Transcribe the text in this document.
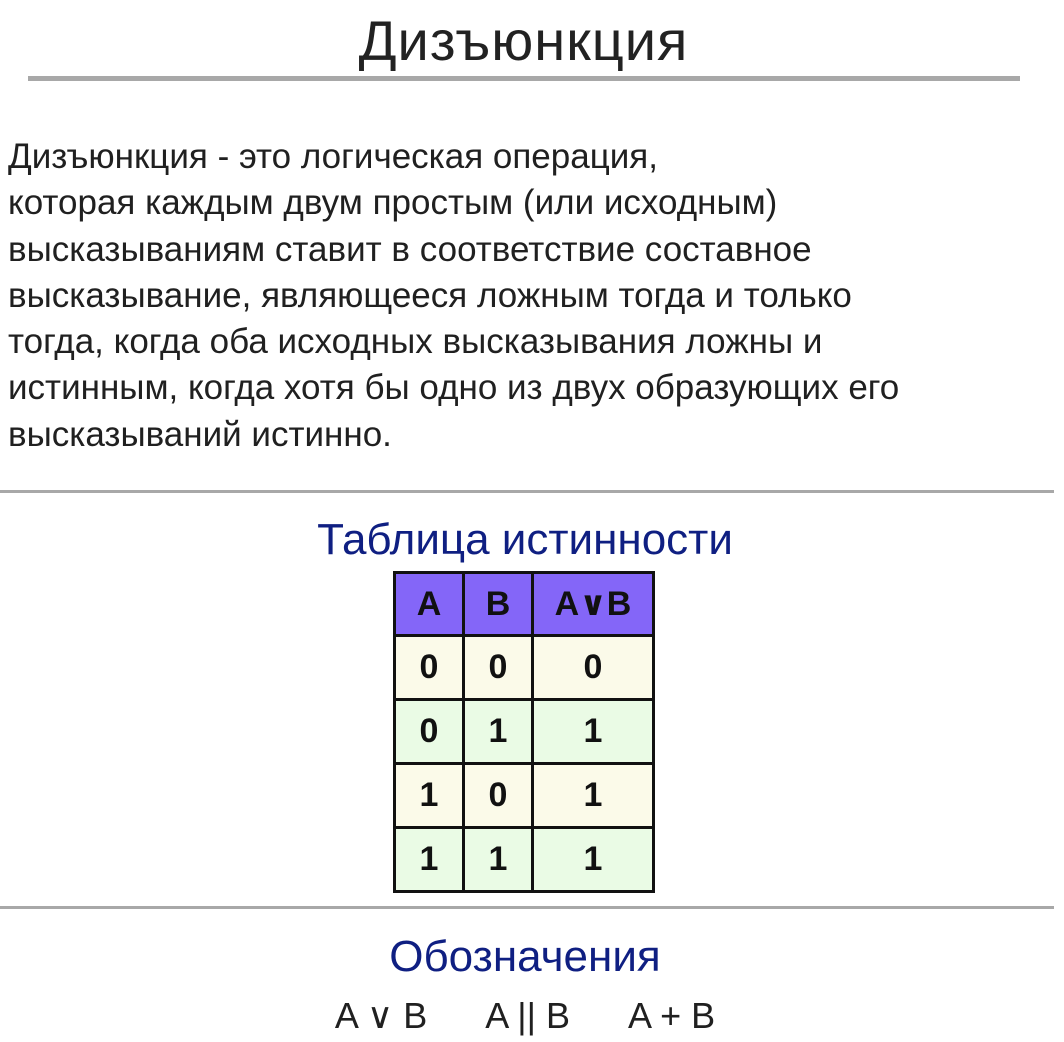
Дизъюнкция
Дизъюнкция - это логическая операция,
которая каждым двум простым (или исходным)
высказываниям ставит в соответствие составное
высказывание, являющееся ложным тогда и только
тогда, когда оба исходных высказывания ложны и
истинным, когда хотя бы одно из двух образующих его
высказываний истинно.
Таблица истинности
A	B	A∨B
0	0	0
0	1	1
1	0	1
1	1	1
Обозначения
A ∨ B A || B A + B
